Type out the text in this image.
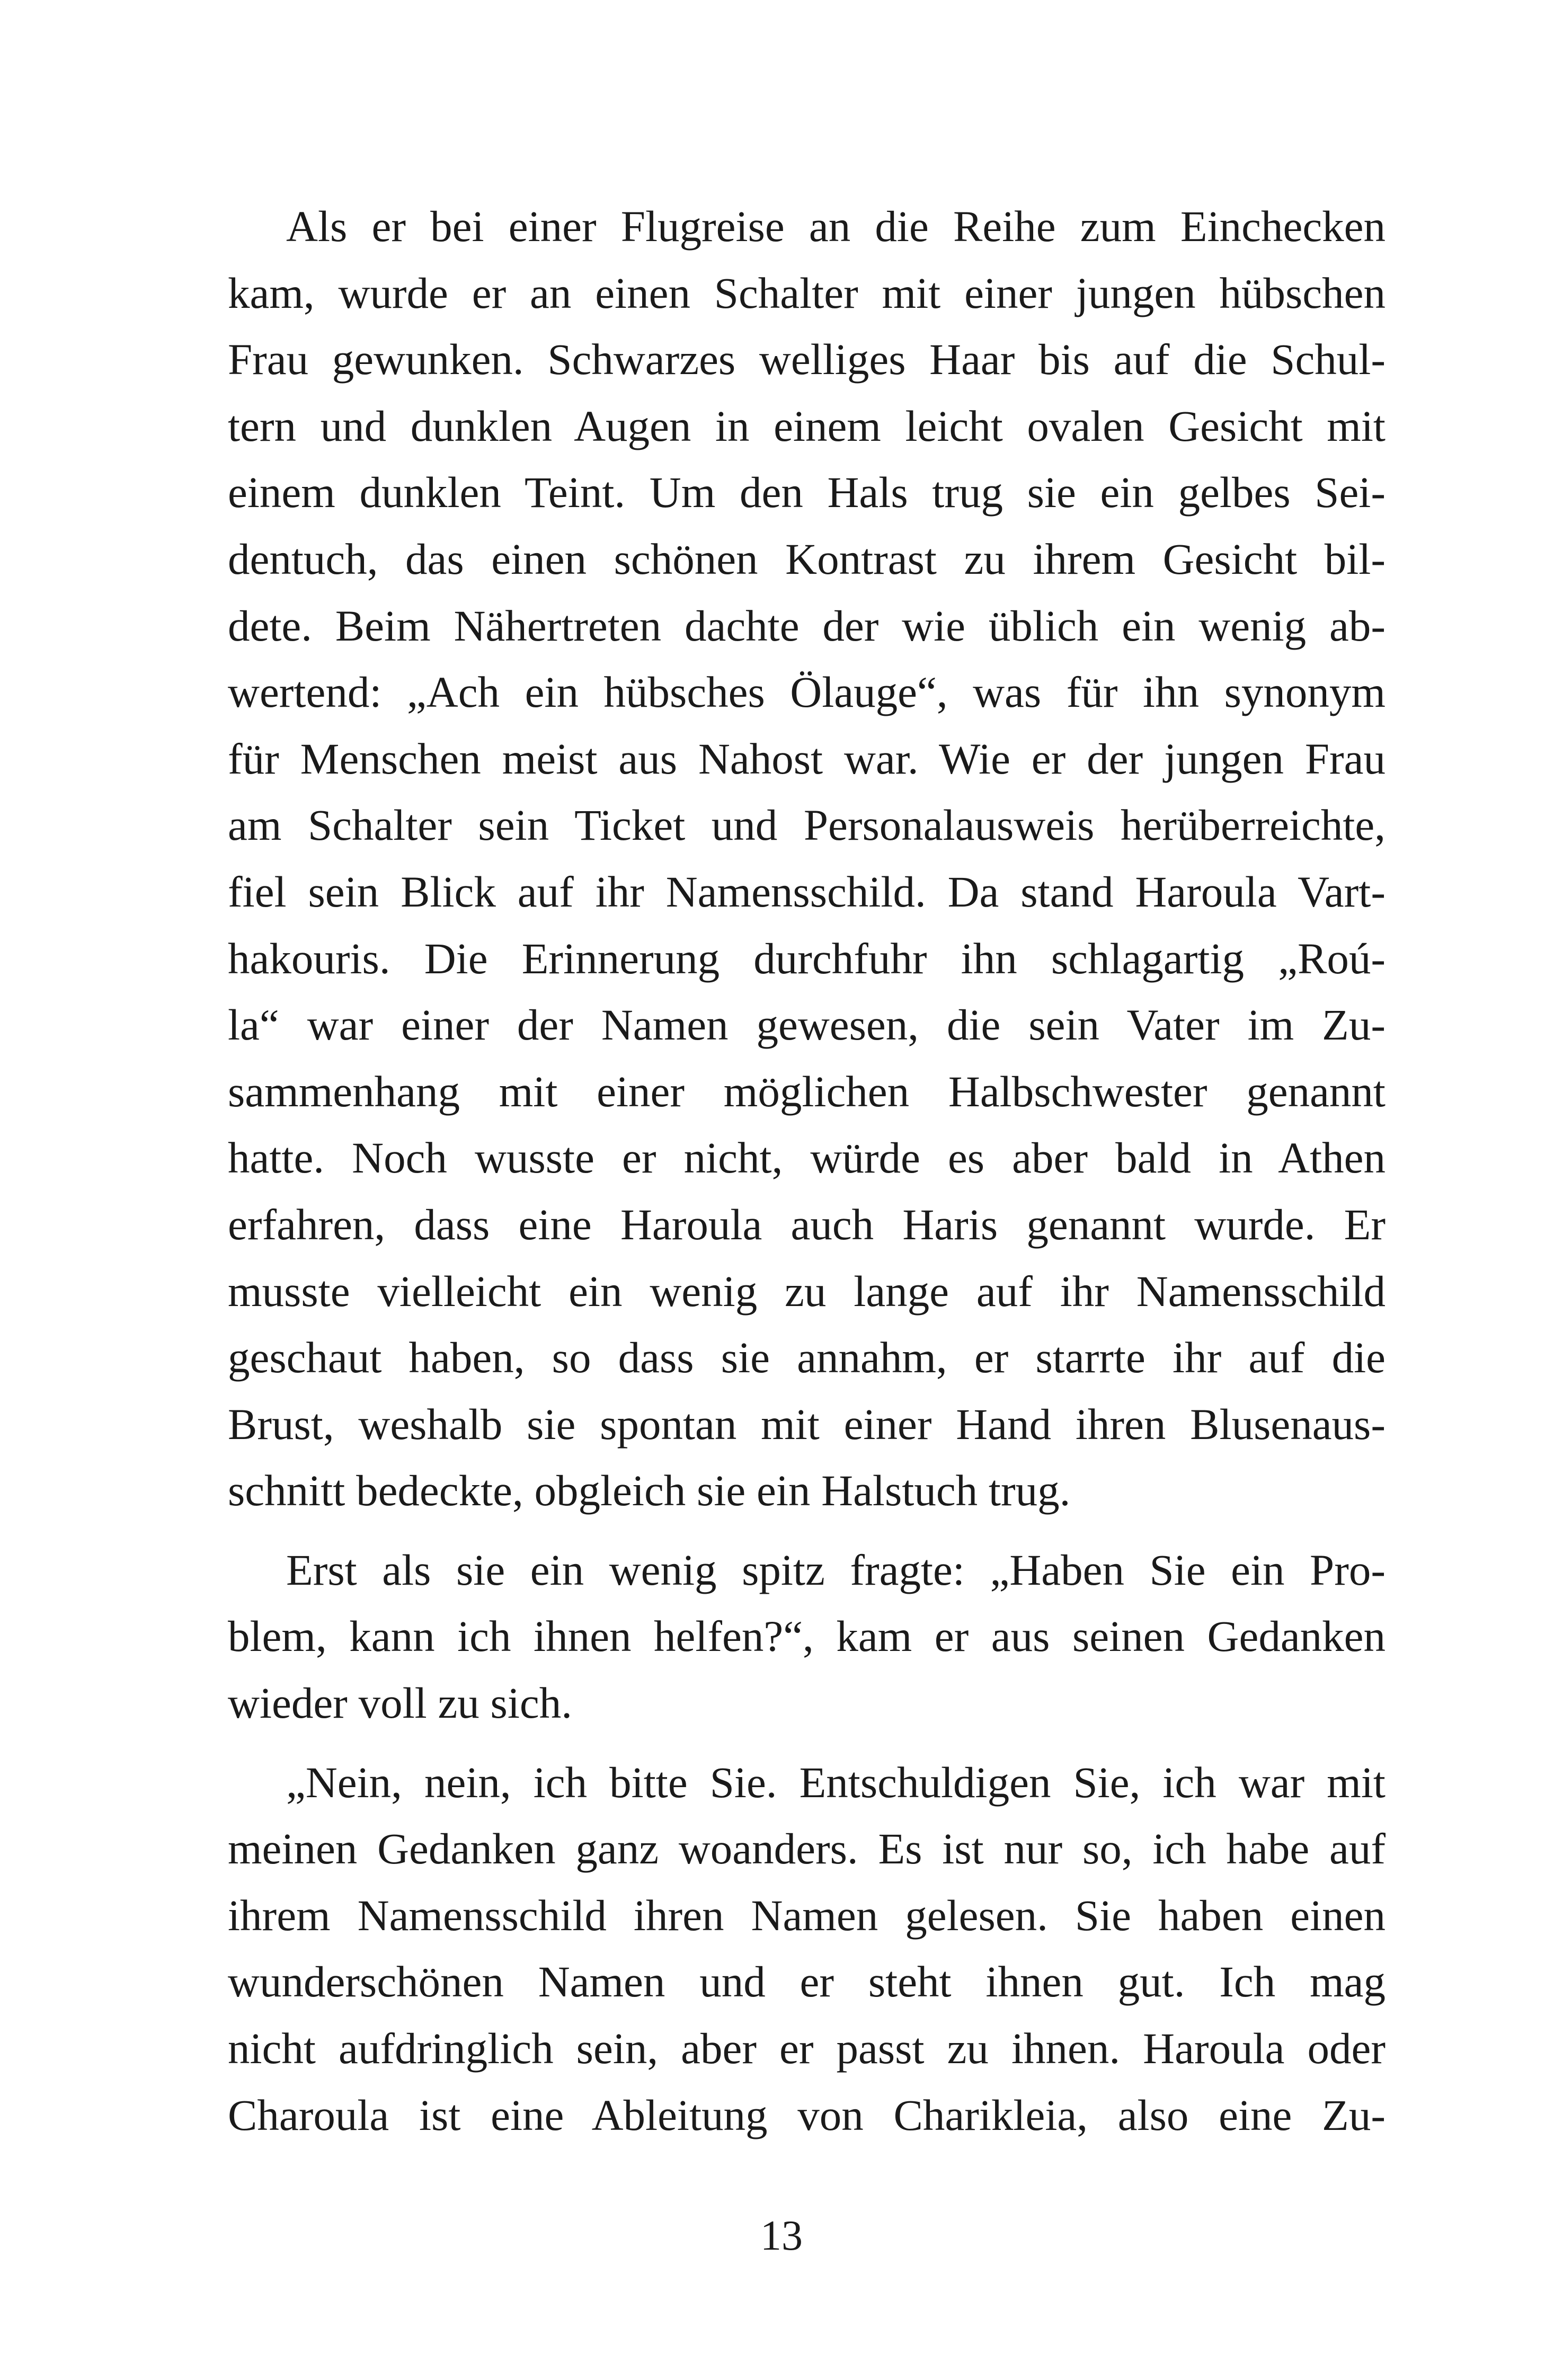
Als er bei einer Flugreise an die Reihe zum Einchecken
kam, wurde er an einen Schalter mit einer jungen hübschen
Frau gewunken. Schwarzes welliges Haar bis auf die Schul-
tern und dunklen Augen in einem leicht ovalen Gesicht mit
einem dunklen Teint. Um den Hals trug sie ein gelbes Sei-
dentuch, das einen schönen Kontrast zu ihrem Gesicht bil-
dete. Beim Nähertreten dachte der wie üblich ein wenig ab-
wertend: „Ach ein hübsches Ölauge“, was für ihn synonym
für Menschen meist aus Nahost war. Wie er der jungen Frau
am Schalter sein Ticket und Personalausweis herüberreichte,
fiel sein Blick auf ihr Namensschild. Da stand Haroula Vart-
hakouris. Die Erinnerung durchfuhr ihn schlagartig „Roú-
la“ war einer der Namen gewesen, die sein Vater im Zu-
sammenhang mit einer möglichen Halbschwester genannt
hatte. Noch wusste er nicht, würde es aber bald in Athen
erfahren, dass eine Haroula auch Haris genannt wurde. Er
musste vielleicht ein wenig zu lange auf ihr Namensschild
geschaut haben, so dass sie annahm, er starrte ihr auf die
Brust, weshalb sie spontan mit einer Hand ihren Blusenaus-
schnitt bedeckte, obgleich sie ein Halstuch trug.
Erst als sie ein wenig spitz fragte: „Haben Sie ein Pro-
blem, kann ich ihnen helfen?“, kam er aus seinen Gedanken
wieder voll zu sich.
„Nein, nein, ich bitte Sie. Entschuldigen Sie, ich war mit
meinen Gedanken ganz woanders. Es ist nur so, ich habe auf
ihrem Namensschild ihren Namen gelesen. Sie haben einen
wunderschönen Namen und er steht ihnen gut. Ich mag
nicht aufdringlich sein, aber er passt zu ihnen. Haroula oder
Charoula ist eine Ableitung von Charikleia, also eine Zu-
13
